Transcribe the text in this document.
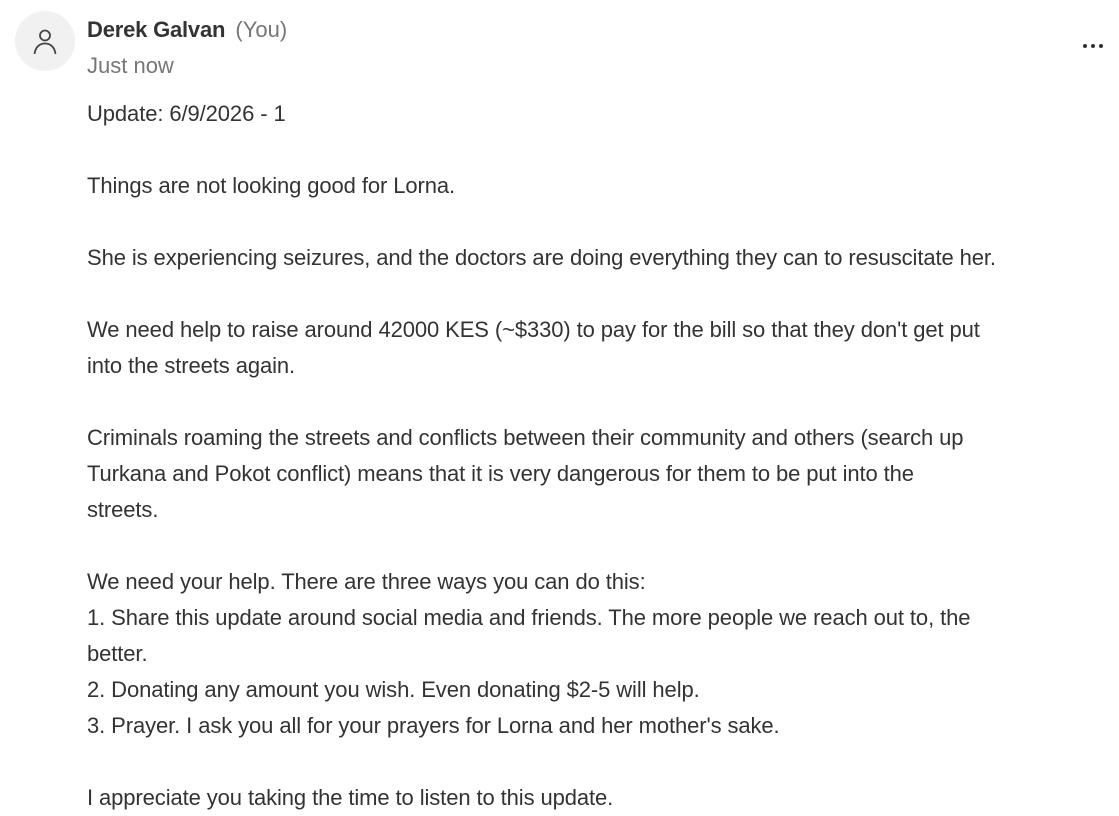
Derek Galvan (You)
Just now
Update: 6/9/2026 - 1
Things are not looking good for Lorna.
She is experiencing seizures, and the doctors are doing everything they can to resuscitate her.
We need help to raise around 42000 KES (~$330) to pay for the bill so that they don't get put
into the streets again.
Criminals roaming the streets and conflicts between their community and others (search up
Turkana and Pokot conflict) means that it is very dangerous for them to be put into the
streets.
We need your help. There are three ways you can do this:
1. Share this update around social media and friends. The more people we reach out to, the
better.
2. Donating any amount you wish. Even donating $2-5 will help.
3. Prayer. I ask you all for your prayers for Lorna and her mother's sake.
I appreciate you taking the time to listen to this update.
